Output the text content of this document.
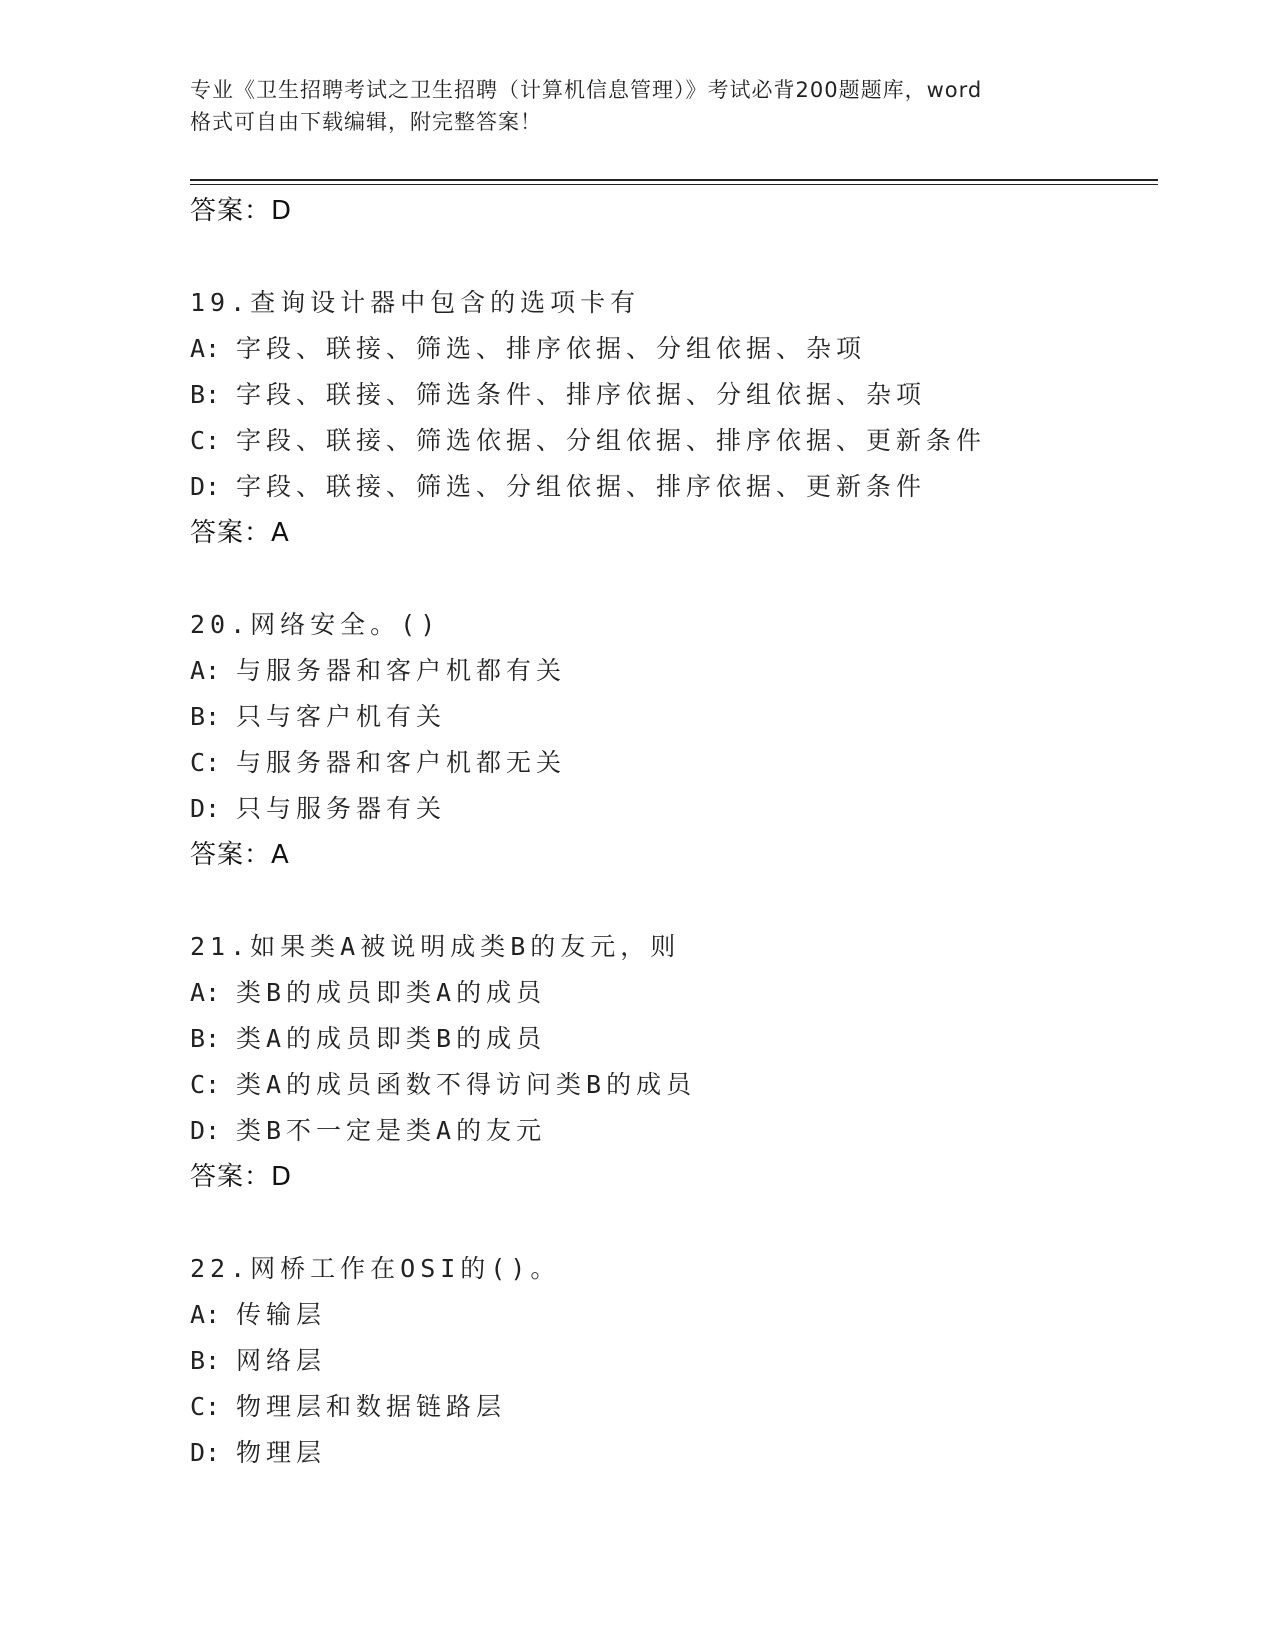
专业《卫生招聘考试之卫生招聘（计算机信息管理）》考试必背200题题库，word
格式可自由下载编辑，附完整答案！
答案：D
19.查询设计器中包含的选项卡有
A: 字段、联接、筛选、排序依据、分组依据、杂项
B: 字段、联接、筛选条件、排序依据、分组依据、杂项
C: 字段、联接、筛选依据、分组依据、排序依据、更新条件
D: 字段、联接、筛选、分组依据、排序依据、更新条件
答案：A
20.网络安全。()
A: 与服务器和客户机都有关
B: 只与客户机有关
C: 与服务器和客户机都无关
D: 只与服务器有关
答案：A
21.如果类A被说明成类B的友元，则
A: 类B的成员即类A的成员
B: 类A的成员即类B的成员
C: 类A的成员函数不得访问类B的成员
D: 类B不一定是类A的友元
答案：D
22.网桥工作在OSI的()。
A: 传输层
B: 网络层
C: 物理层和数据链路层
D: 物理层
